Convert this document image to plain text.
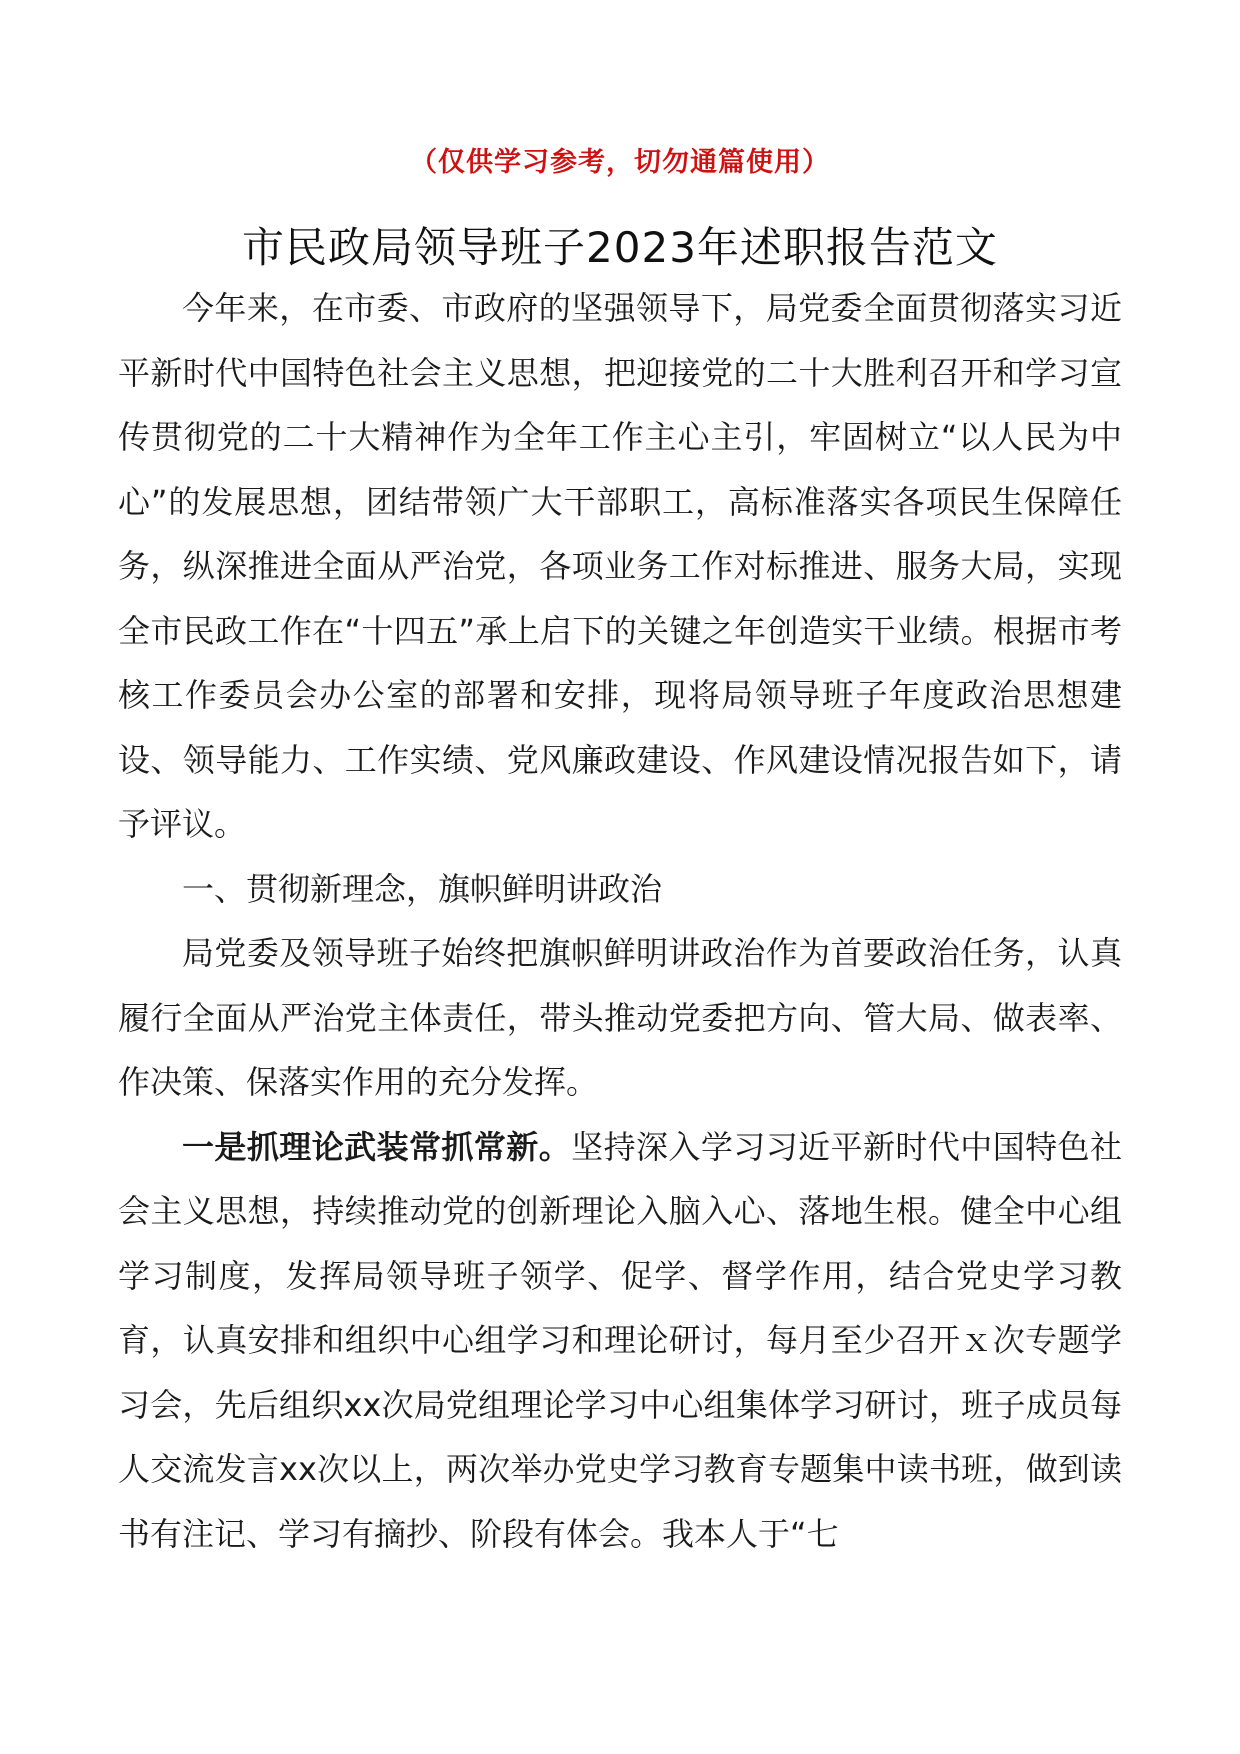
（仅供学习参考，切勿通篇使用）
市民政局领导班子2023年述职报告范文

今年来，在市委、市政府的坚强领导下，局党委全面贯彻落实习近平新时代中国特色社会主义思想，把迎接党的二十大胜利召开和学习宣传贯彻党的二十大精神作为全年工作主心主引，牢固树立“以人民为中心”的发展思想，团结带领广大干部职工，高标准落实各项民生保障任务，纵深推进全面从严治党，各项业务工作对标推进、服务大局，实现全市民政工作在“十四五”承上启下的关键之年创造实干业绩。根据市考核工作委员会办公室的部署和安排，现将局领导班子年度政治思想建设、领导能力、工作实绩、党风廉政建设、作风建设情况报告如下，请予评议。

一、贯彻新理念，旗帜鲜明讲政治

局党委及领导班子始终把旗帜鲜明讲政治作为首要政治任务，认真履行全面从严治党主体责任，带头推动党委把方向、管大局、做表率、作决策、保落实作用的充分发挥。

一是抓理论武装常抓常新。坚持深入学习习近平新时代中国特色社会主义思想，持续推动党的创新理论入脑入心、落地生根。健全中心组学习制度，发挥局领导班子领学、促学、督学作用，结合党史学习教育，认真安排和组织中心组学习和理论研讨，每月至少召开ｘ次专题学习会，先后组织xx次局党组理论学习中心组集体学习研讨，班子成员每人交流发言xx次以上，两次举办党史学习教育专题集中读书班，做到读书有注记、学习有摘抄、阶段有体会。我本人于“七
